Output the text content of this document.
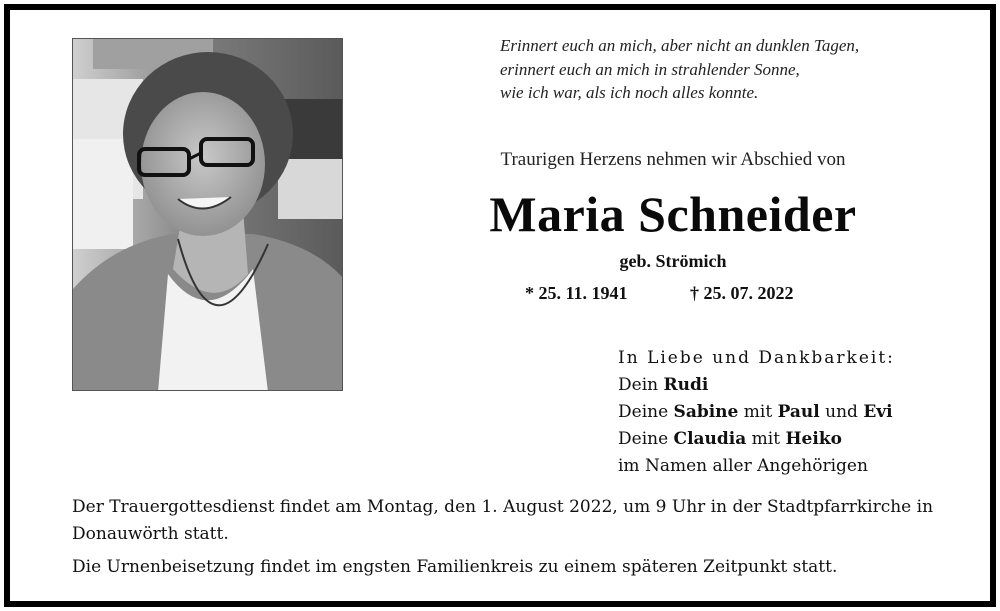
Erinnert euch an mich, aber nicht an dunklen Tagen,
erinnert euch an mich in strahlender Sonne,
wie ich war, als ich noch alles konnte.
Traurigen Herzens nehmen wir Abschied von
Maria Schneider
geb. Strömich
* 25. 11. 1941	† 25. 07. 2022
In Liebe und Dankbarkeit:
Dein Rudi
Deine Sabine mit Paul und Evi
Deine Claudia mit Heiko
im Namen aller Angehörigen

Der Trauergottesdienst findet am Montag, den 1. August 2022, um 9 Uhr in der Stadtpfarrkirche in Donauwörth statt.

Die Urnenbeisetzung findet im engsten Familienkreis zu einem späteren Zeitpunkt statt.
